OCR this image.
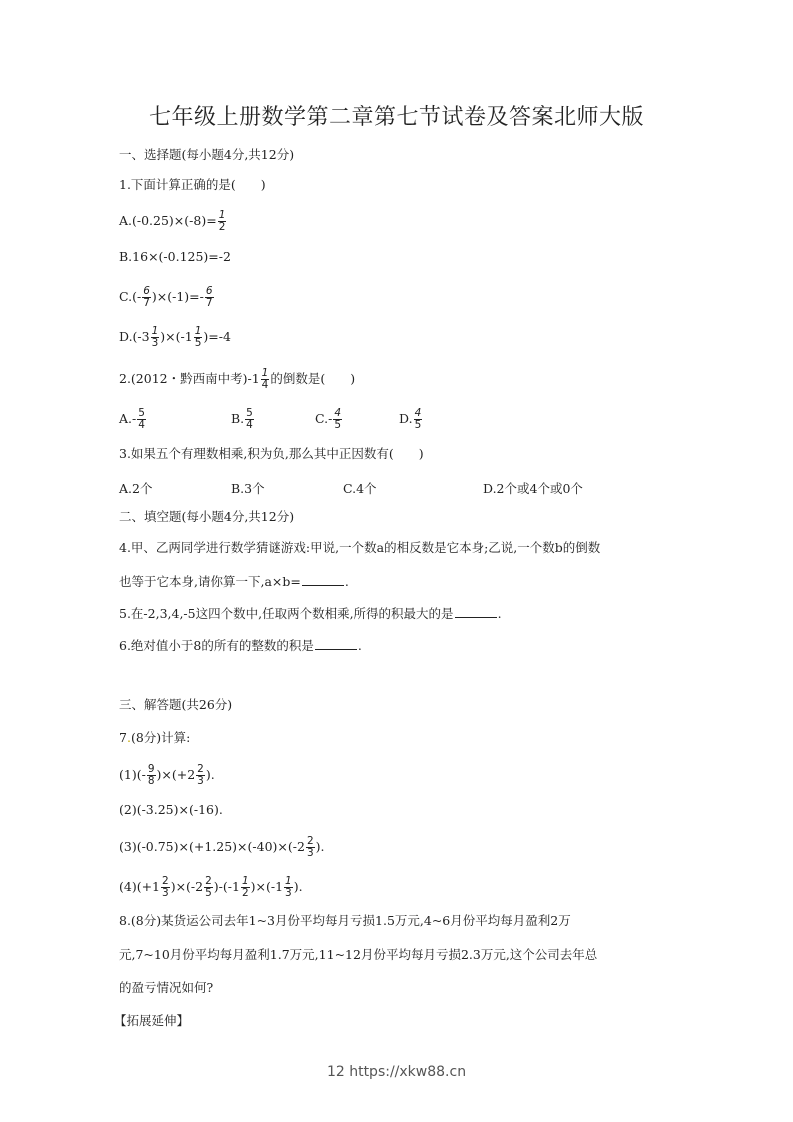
七年级上册数学第二章第七节试卷及答案北师大版
一、选择题(每小题4分,共12分)
1.下面计算正确的是(　　)
$A.(-0.25)\times(-8)= \frac{1}{2}$
B.16×(-0.125)=-2
$C.(- \frac{6}{7} )\times(-1)=- \frac{6}{7}$
$D.(-3 \frac{1}{3} )\times(-1 \frac{1}{5} )=-4$
2.(2012・黔西南中考)$-1 \frac{1}{4}$ 的倒数是(　　)
$A.- \frac{5}{4}$	B. $\frac{5}{4}$	$C.- \frac{4}{5}$	D. $\frac{4}{5}$
3.如果五个有理数相乘,积为负,那么其中正因数有(　　)
A.2个	B.3个	C.4个	D.2个或4个或0个
二、填空题(每小题4分,共12分)
4.甲、乙两同学进行数学猜谜游戏:甲说,一个数a的相反数是它本身;乙说,一个数b的倒数
也等于它本身,请你算一下,a×b=	.
5.在-2,3,4,-5这四个数中,任取两个数相乘,所得的积最大的是	.
6.绝对值小于8的所有的整数的积是	.
三、解答题(共26分)
7.(8分)计算:
$(1)(- \frac{9}{8} )\times(+2 \frac{2}{3}$ ).
(2)(-3.25)×(-16).
$(3)(-0.75)\times(+1.25)\times(-40)\times(-2 \frac{2}{3}$ ).
$(4)(+1 \frac{2}{3} )\times(-2 \frac{2}{5} )-(-1 \frac{1}{2} )\times(-1 \frac{1}{3}$ ).
8.(8分)某货运公司去年1~3月份平均每月亏损1.5万元,4~6月份平均每月盈利2万
元,7~10月份平均每月盈利1.7万元,11~12月份平均每月亏损2.3万元,这个公司去年总
的盈亏情况如何?
【拓展延伸】
12 https://xkw88.cn
